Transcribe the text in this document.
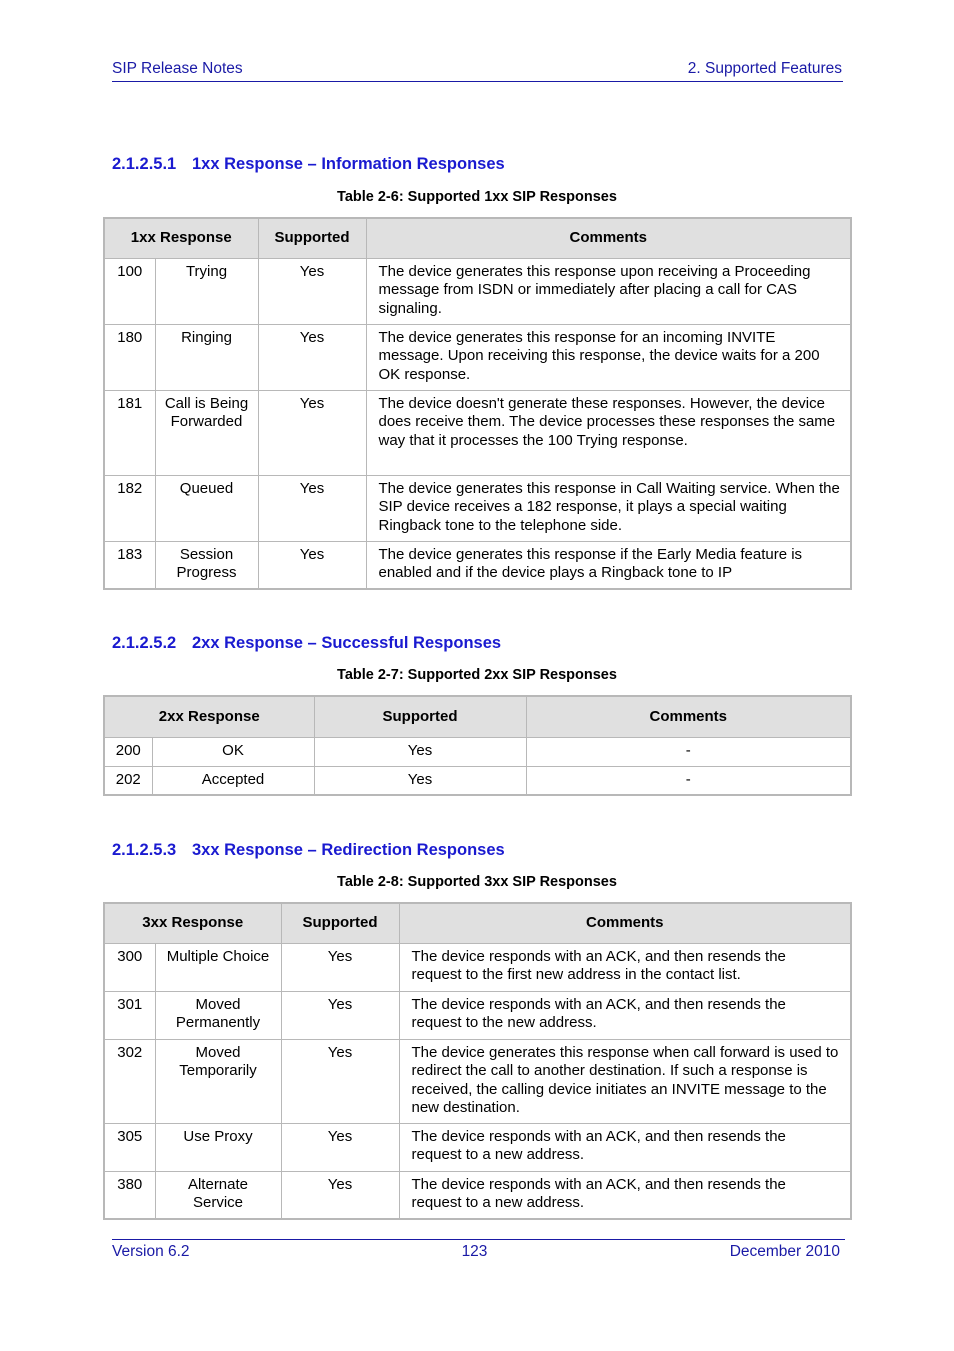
SIP Release Notes	2. Supported Features
2.1.2.5.1 1xx Response – Information Responses
Table 2-6: Supported 1xx SIP Responses
1xx Response		Supported	Comments
100	Trying	Yes	The device generates this response upon receiving a Proceeding message from ISDN or immediately after placing a call for CAS signaling.
180	Ringing	Yes	The device generates this response for an incoming INVITE message. Upon receiving this response, the device waits for a 200 OK response.
181	Call is Being Forwarded	Yes	The device doesn't generate these responses. However, the device does receive them. The device processes these responses the same way that it processes the 100 Trying response.
182	Queued	Yes	The device generates this response in Call Waiting service. When the SIP device receives a 182 response, it plays a special waiting Ringback tone to the telephone side.
183	Session Progress	Yes	The device generates this response if the Early Media feature is enabled and if the device plays a Ringback tone to IP
2.1.2.5.2 2xx Response – Successful Responses
Table 2-7: Supported 2xx SIP Responses
2xx Response		Supported	Comments
200	OK	Yes	-
202	Accepted	Yes	-
2.1.2.5.3 3xx Response – Redirection Responses
Table 2-8: Supported 3xx SIP Responses
3xx Response		Supported	Comments
300	Multiple Choice	Yes	The device responds with an ACK, and then resends the request to the first new address in the contact list.
301	Moved Permanently	Yes	The device responds with an ACK, and then resends the request to the new address.
302	Moved Temporarily	Yes	The device generates this response when call forward is used to redirect the call to another destination. If such a response is received, the calling device initiates an INVITE message to the new destination.
305	Use Proxy	Yes	The device responds with an ACK, and then resends the request to a new address.
380	Alternate Service	Yes	The device responds with an ACK, and then resends the request to a new address.
Version 6.2	123	December 2010
